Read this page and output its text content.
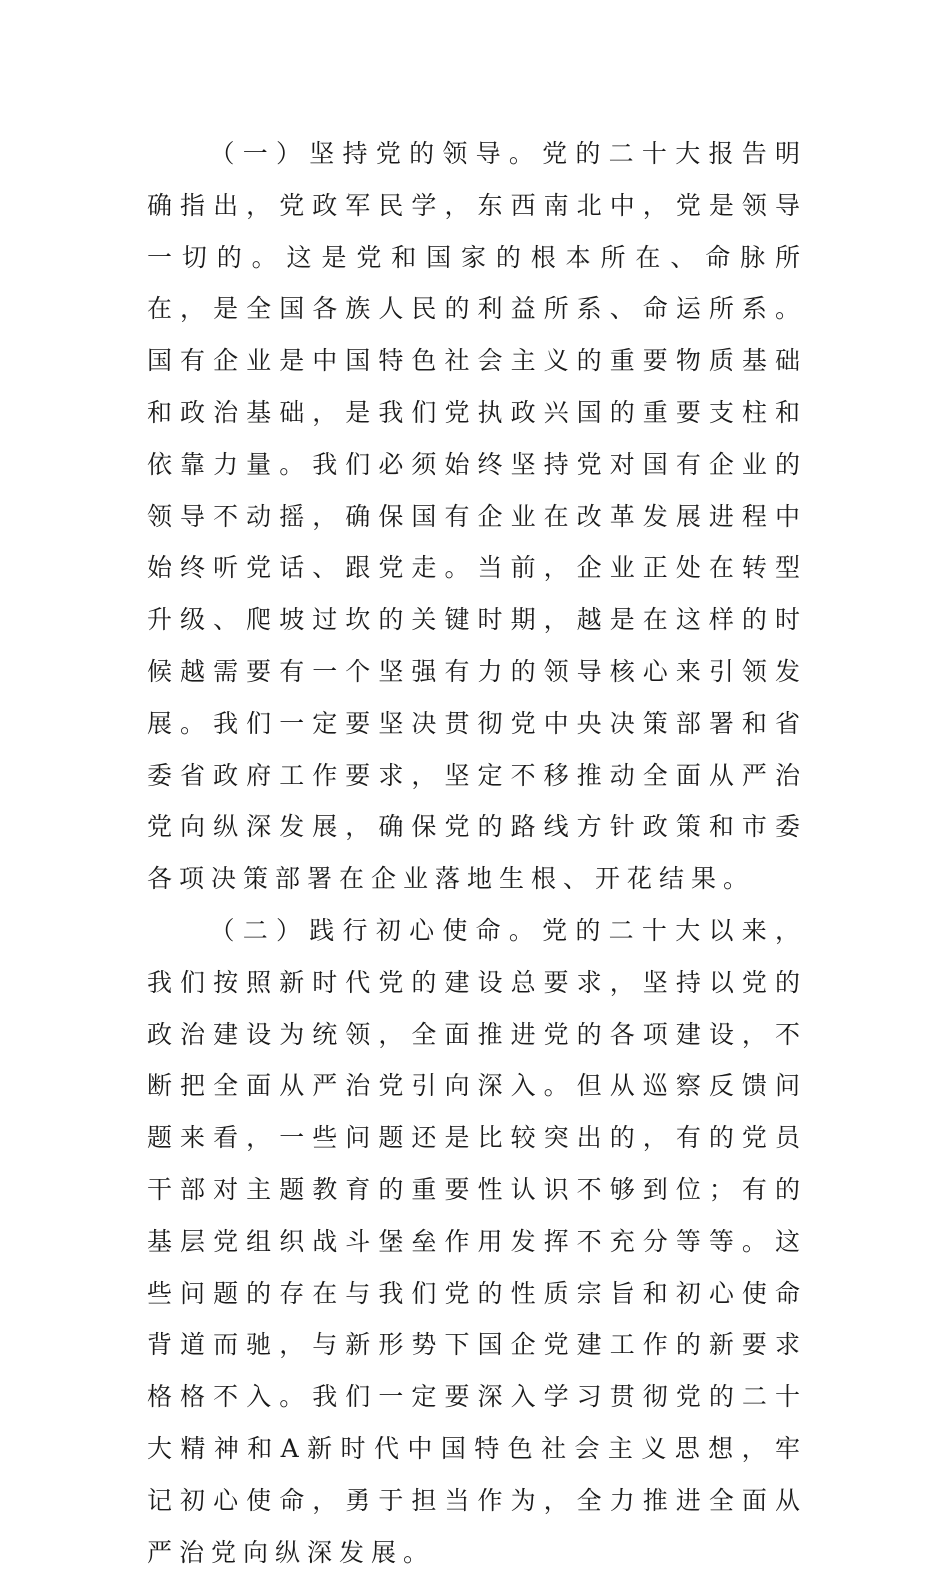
（一）坚持党的领导。党的二十大报告明确指出，党政军民学，东西南北中，党是领导一切的。这是党和国家的根本所在、命脉所在，是全国各族人民的利益所系、命运所系。国有企业是中国特色社会主义的重要物质基础和政治基础，是我们党执政兴国的重要支柱和依靠力量。我们必须始终坚持党对国有企业的领导不动摇，确保国有企业在改革发展进程中始终听党话、跟党走。当前，企业正处在转型升级、爬坡过坎的关键时期，越是在这样的时候越需要有一个坚强有力的领导核心来引领发展。我们一定要坚决贯彻党中央决策部署和省委省政府工作要求，坚定不移推动全面从严治党向纵深发展，确保党的路线方针政策和市委各项决策部署在企业落地生根、开花结果。

（二）践行初心使命。党的二十大以来，我们按照新时代党的建设总要求，坚持以党的政治建设为统领，全面推进党的各项建设，不断把全面从严治党引向深入。但从巡察反馈问题来看，一些问题还是比较突出的，有的党员干部对主题教育的重要性认识不够到位；有的基层党组织战斗堡垒作用发挥不充分等等。这些问题的存在与我们党的性质宗旨和初心使命背道而驰，与新形势下国企党建工作的新要求格格不入。我们一定要深入学习贯彻党的二十大精神和A新时代中国特色社会主义思想，牢记初心使命，勇于担当作为，全力推进全面从严治党向纵深发展。
